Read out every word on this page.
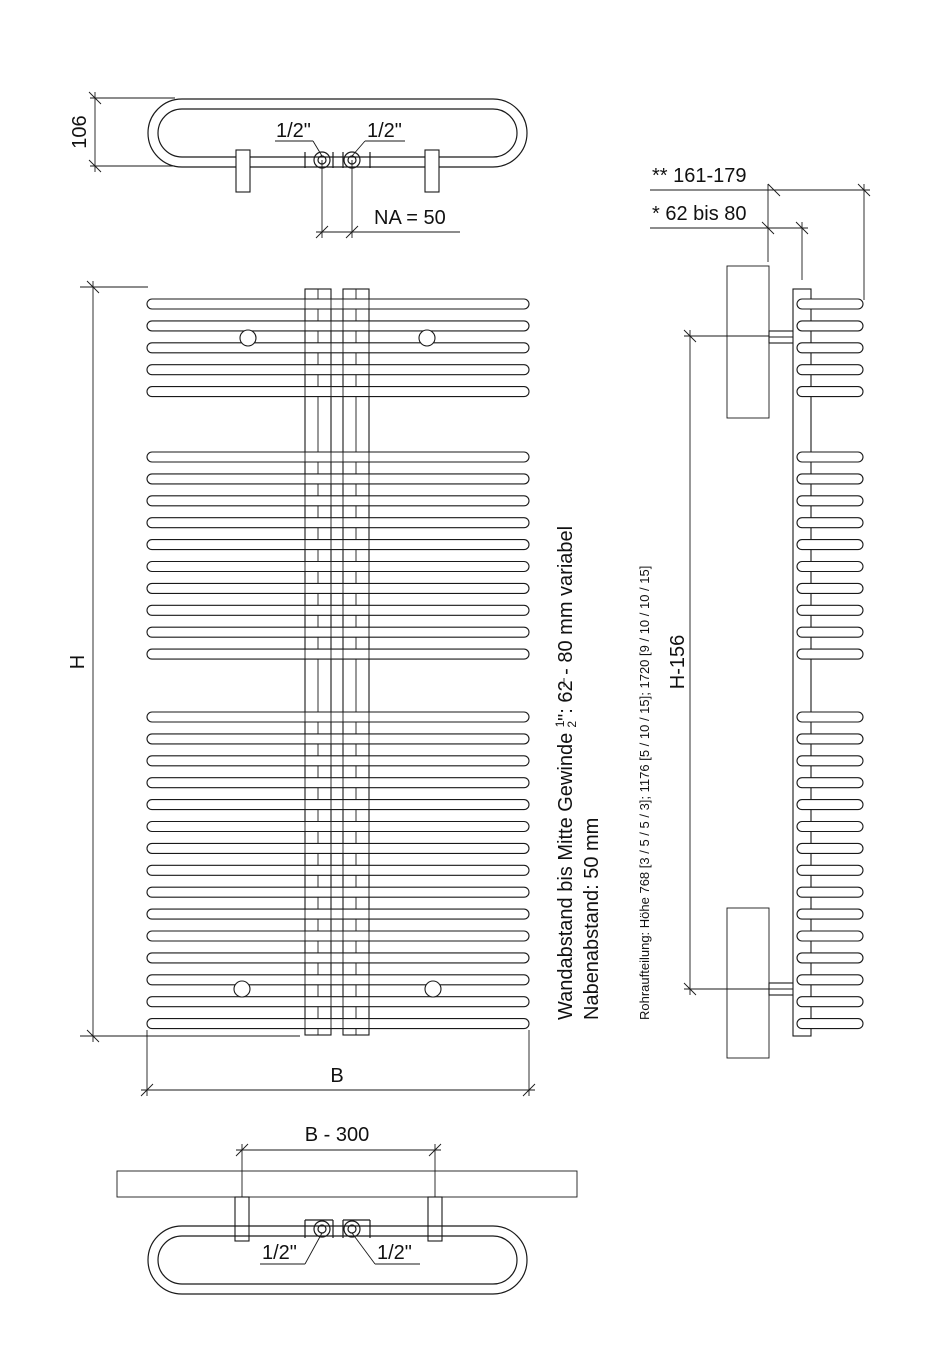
106	1/2"	1/2"
NA = 50
H
B
Wandabstand bis Mitte Gewinde $^1$2": 62 - 80 mm variabel
Nabenabstand: 50 mm	Rohraufteilung: Höhe 768 [3 / 5 / 5 / 3]; 1176 [5 / 10 / 15]; 1720 [9 / 10 / 10 / 15]
** 161-179
* 62 bis 80
H-156
B - 300
1/2"	1/2"
